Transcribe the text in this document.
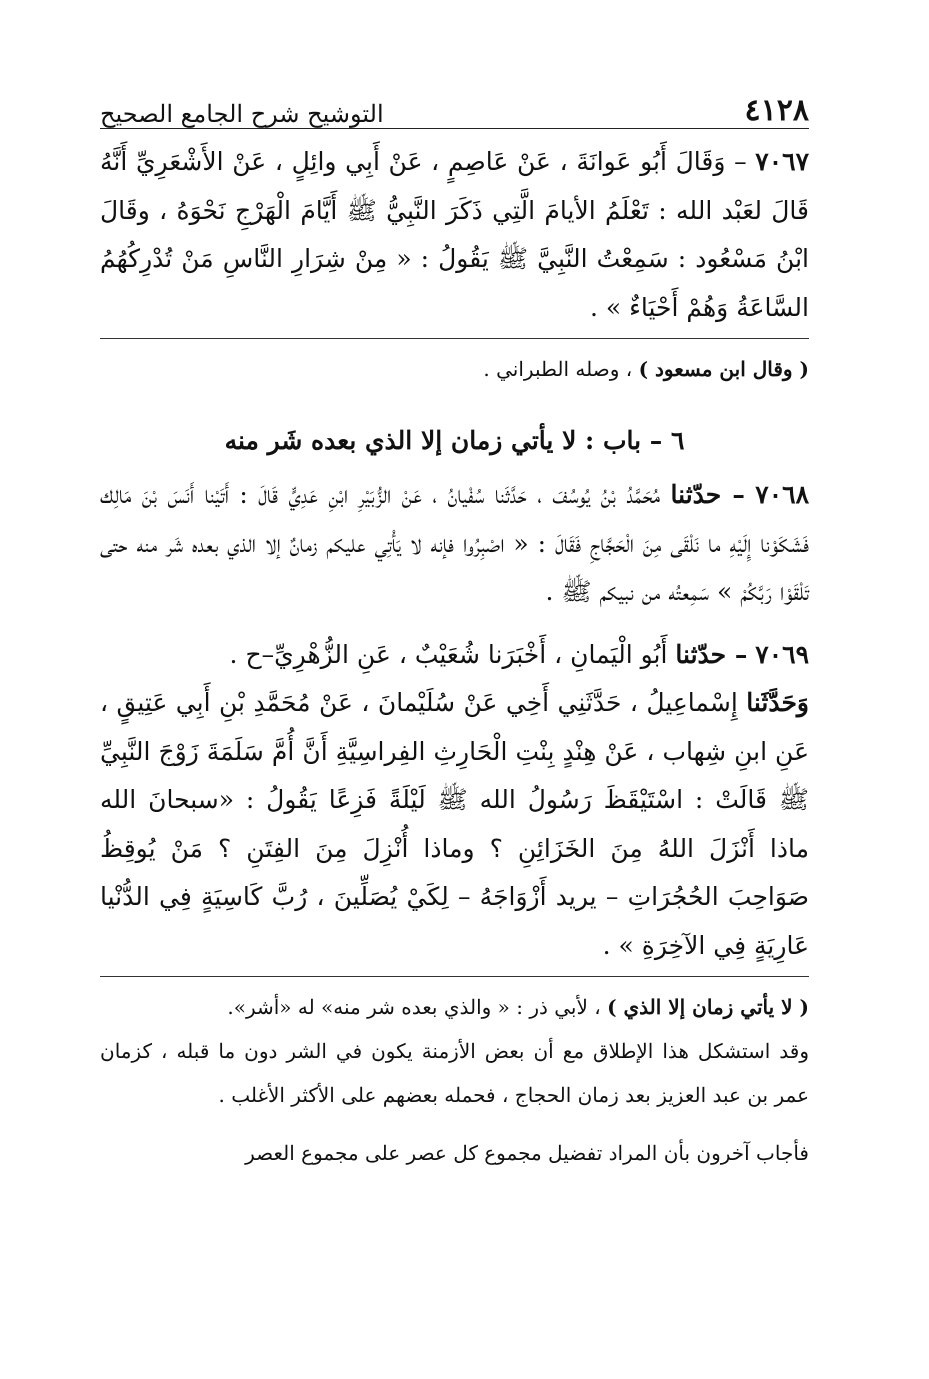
٤١٢٨
التوشيح شرح الجامع الصحيح

٧٠٦٧ – وَقَالَ أَبُو عَوانَةَ ، عَنْ عَاصِمٍ ، عَنْ أَبِي وائِلٍ ، عَنْ الأَشْعَرِيِّ أَنَّهُ قَالَ لعَبْد الله : تَعْلَمُ الأيامَ الَّتِي ذَكَرَ النَّبِيُّ ﷺ أَيَّامَ الْهَرْجِ نَحْوَهُ ، وقَالَ ابْنُ مَسْعُود : سَمِعْتُ النَّبِيَّ ﷺ يَقُولُ : « مِنْ شِرَارِ النَّاسِ مَنْ تُدْرِكُهُمُ السَّاعَةُ وَهُمْ أَحْيَاءٌ » .

( وقال ابن مسعود ) ، وصله الطبراني .

٦ – باب : لا يأتي زمان إلا الذي بعده شَر منه

٧٠٦٨ – حدّثنا مُحَمَّدُ بْنُ يُوسُفَ ، حَدَّثَنا سُفْيانُ ، عَنْ الزُّبَيْرِ ابْنِ عَدِيٍّ قَالَ : أَتَيْنا أَنَسَ بْنَ مَالِك فَشَكَوْنا إِلَيْهِ ما نَلْقَى مِنَ الْحَجَّاجِ فَقَالَ : « اصْبِرُوا فإنه لا يَأْتِي عليكم زمانٌ إلا الذي بعده شَر منه حتى تَلْقَوْا رَبَّكُمْ » سَمِعتُه من نبيكم ﷺ .

٧٠٦٩ – حدّثنا أَبُو الْيَمانِ ، أَخْبَرَنا شُعَيْبٌ ، عَنِ الزُّهْرِيِّ–ح .

وَحَدَّثَنا إِسْماعِيلُ ، حَدَّثَنِي أَخِي عَنْ سُلَيْمانَ ، عَنْ مُحَمَّدِ بْنِ أَبِي عَتِيقٍ ، عَنِ ابنِ شِهاب ، عَنْ هِنْدٍ بِنْتِ الْحَارِثِ الفِراسِيَّةِ أَنَّ أُمَّ سَلَمَةَ زَوْجَ النَّبِيِّ ﷺ قَالَتْ : اسْتَيْقَظَ رَسُولُ الله ﷺ لَيْلَةً فَزِعًا يَقُولُ : «سبحانَ الله ماذا أَنْزَلَ اللهُ مِنَ الخَزَائِنِ ؟ وماذا أُنْزِلَ مِنَ الفِتَنِ ؟ مَنْ يُوقِظُ صَوَاحِبَ الحُجُرَاتِ – يريد أَزْوَاجَهُ – لِكَيْ يُصَلِّينَ ، رُبَّ كَاسِيَةٍ فِي الدُّنْيا عَارِيَةٍ فِي الآخِرَةِ » .

( لا يأتي زمان إلا الذي ) ، لأبي ذر : « والذي بعده شر منه» له «أشر».

وقد استشكل هذا الإطلاق مع أن بعض الأزمنة يكون في الشر دون ما قبله ، كزمان عمر بن عبد العزيز بعد زمان الحجاج ، فحمله بعضهم على الأكثر الأغلب .

فأجاب آخرون بأن المراد تفضيل مجموع كل عصر على مجموع العصر
